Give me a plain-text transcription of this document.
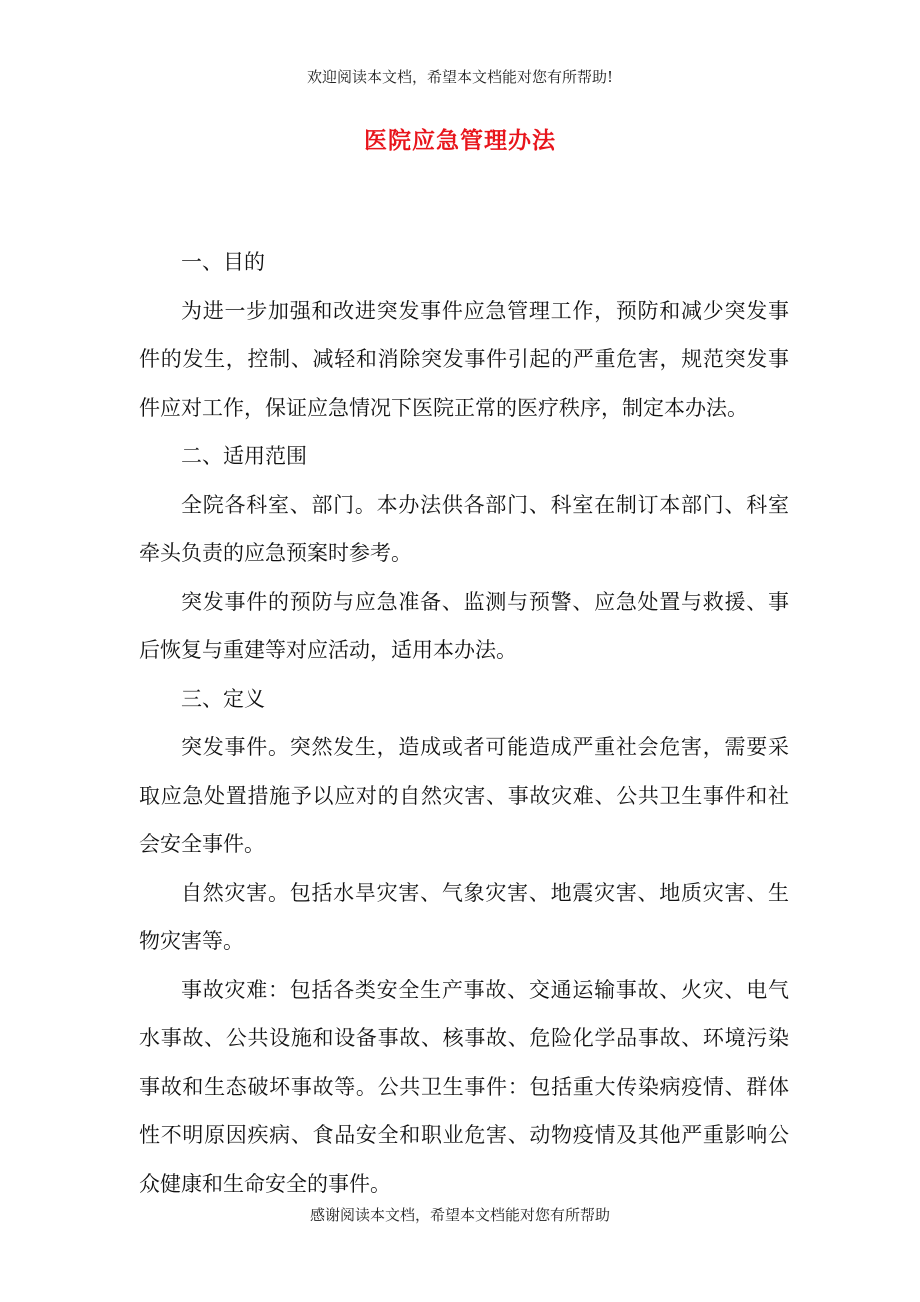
欢迎阅读本文档，希望本文档能对您有所帮助!
医院应急管理办法

一、目的

为进一步加强和改进突发事件应急管理工作，预防和减少突发事件的发生，控制、减轻和消除突发事件引起的严重危害，规范突发事件应对工作，保证应急情况下医院正常的医疗秩序，制定本办法。

二、适用范围

全院各科室、部门。本办法供各部门、科室在制订本部门、科室牵头负责的应急预案时参考。

突发事件的预防与应急准备、监测与预警、应急处置与救援、事后恢复与重建等对应活动，适用本办法。

三、定义

突发事件。突然发生，造成或者可能造成严重社会危害，需要采取应急处置措施予以应对的自然灾害、事故灾难、公共卫生事件和社会安全事件。

自然灾害。包括水旱灾害、气象灾害、地震灾害、地质灾害、生物灾害等。

事故灾难：包括各类安全生产事故、交通运输事故、火灾、电气水事故、公共设施和设备事故、核事故、危险化学品事故、环境污染事故和生态破坏事故等。公共卫生事件：包括重大传染病疫情、群体性不明原因疾病、食品安全和职业危害、动物疫情及其他严重影响公众健康和生命安全的事件。

感谢阅读本文档，希望本文档能对您有所帮助
